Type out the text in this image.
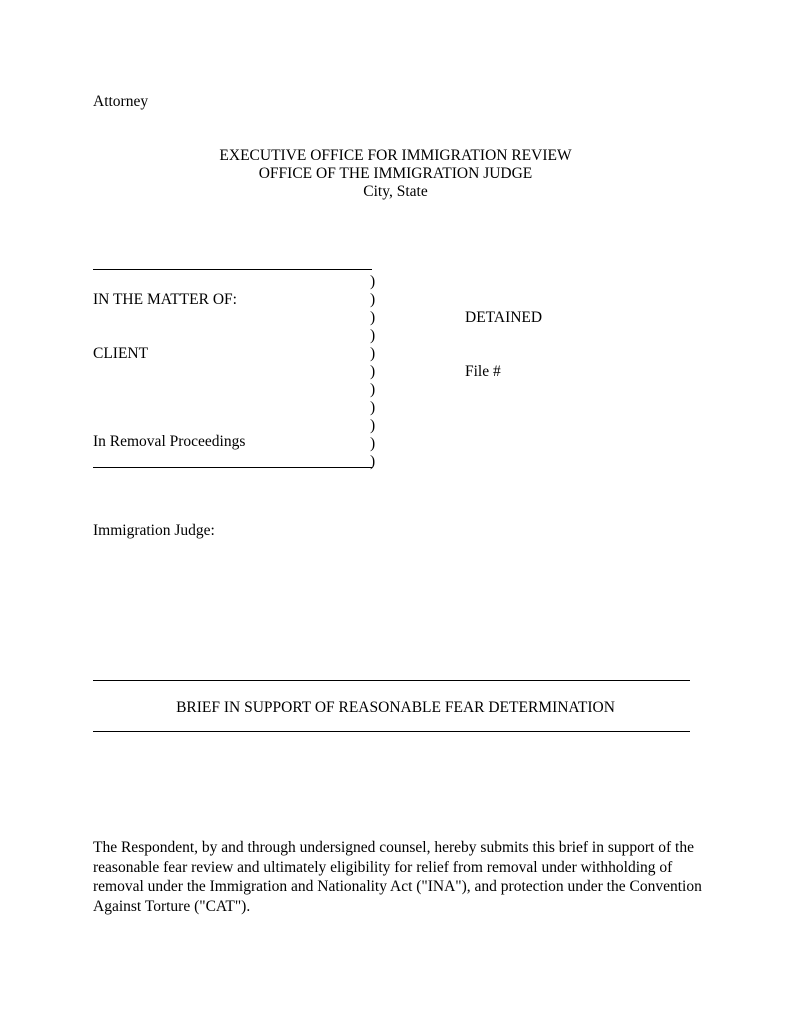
Attorney
EXECUTIVE OFFICE FOR IMMIGRATION REVIEW
OFFICE OF THE IMMIGRATION JUDGE
City, State
)
)
)
)
)
)
)
)
)
)
)
IN THE MATTER OF:
CLIENT
In Removal Proceedings
DETAINED
File #
Immigration Judge:
BRIEF IN SUPPORT OF REASONABLE FEAR DETERMINATION
The Respondent, by and through undersigned counsel, hereby submits this brief in support of the reasonable fear review and ultimately eligibility for relief from removal under withholding of removal under the Immigration and Nationality Act ("INA"), and protection under the Convention Against Torture ("CAT").
